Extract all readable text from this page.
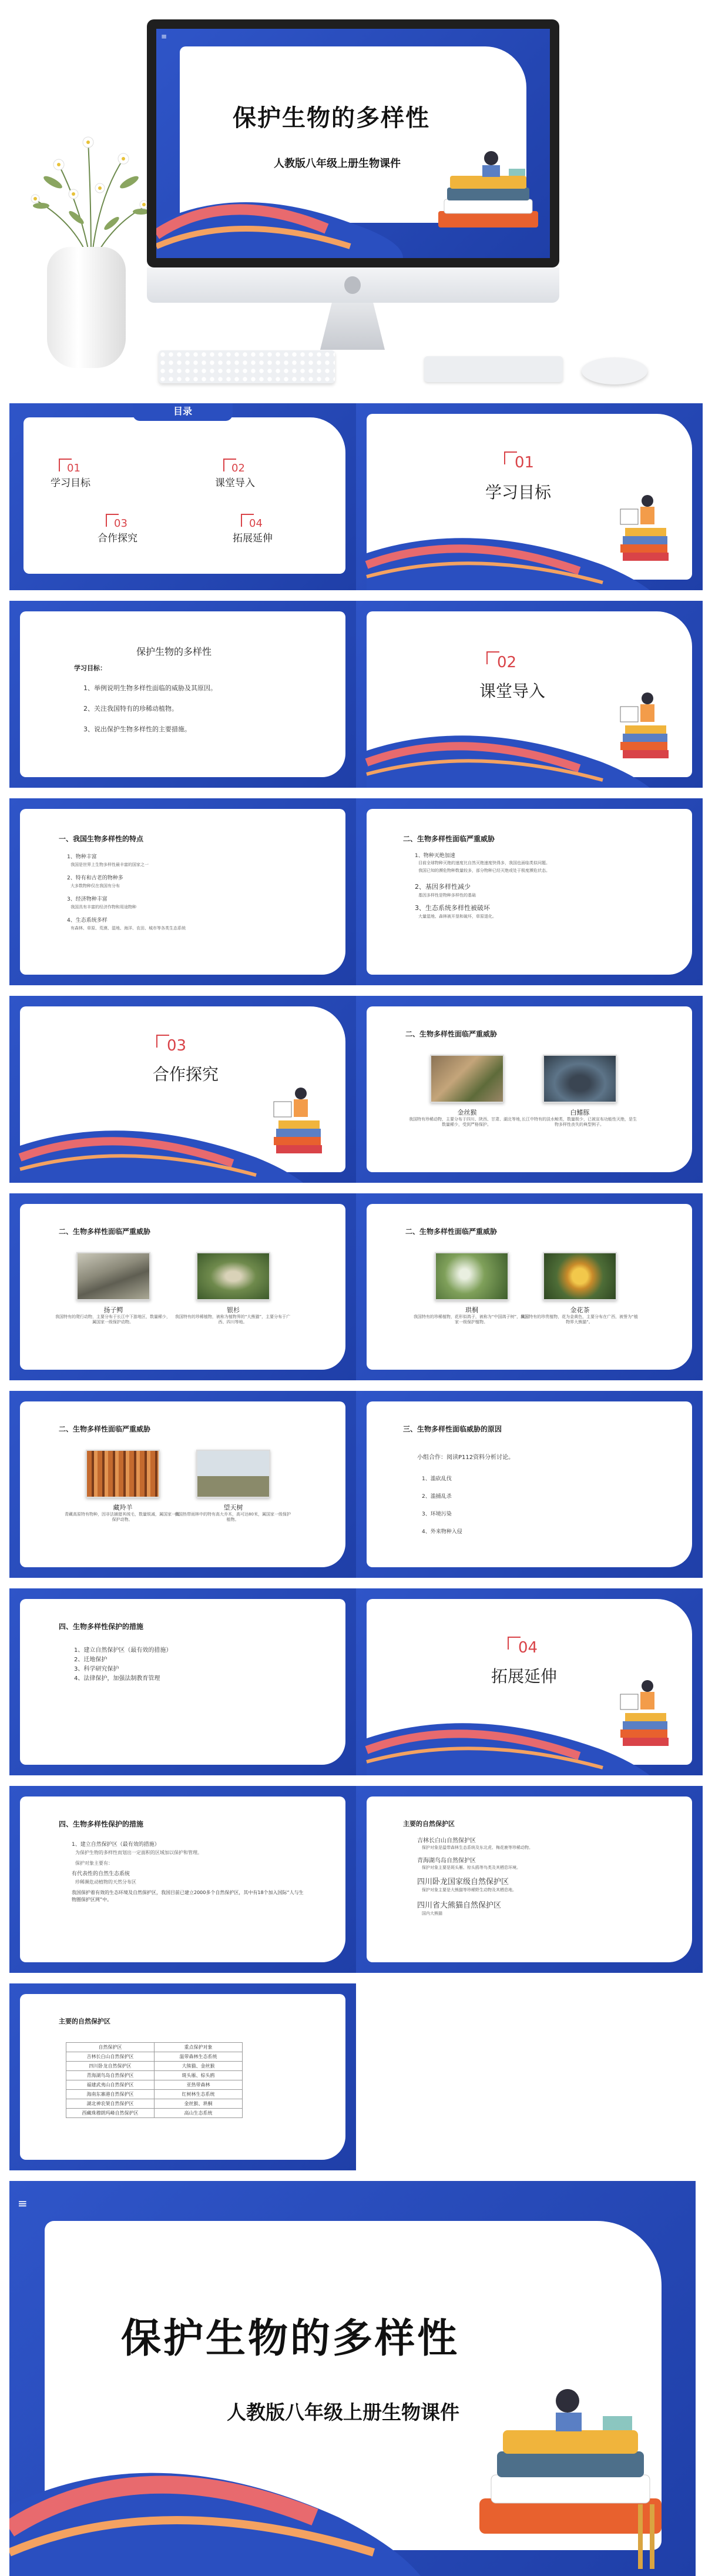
≡
保护生物的多样性
人教版八年级上册生物课件
目录
01
学习目标
02
课堂导入
03
合作探究
04
拓展延伸
01
学习目标
保护生物的多样性
学习目标：
1、举例说明生物多样性面临的威胁及其原因。
2、关注我国特有的珍稀动植物。
3、说出保护生物多样性的主要措施。
02
课堂导入
一、我国生物多样性的特点
1、物种丰富
我国是世界上生物多样性最丰富的国家之一
2、特有和古老的物种多
大多数物种仅在我国有分布
3、经济物种丰富
我国具有丰富的经济作物和用途物种
4、生态系统多样
有森林、草原、荒漠、湿地、海洋、农田、城市等各类生态系统
二、生物多样性面临严重威胁
1、物种灭绝加速
目前全球物种灭绝的速度比自然灭绝速度快得多，我国也面临类似问题。
我国已知的濒危物种数量较多，部分物种已经灭绝或处于极度濒危状态。
2、基因多样性减少
基因多样性是物种多样性的基础
3、生态系统多样性被破坏
大量湿地、森林被开垦和破坏，草原退化。
03
合作探究
二、生物多样性面临严重威胁
金丝猴
我国特有珍稀动物，主要分布于四川、陕西、甘肃、湖北等地，数量稀少，受到严格保护。
白鳍豚
长江中特有的淡水鲸类，数量极少，已被宣布功能性灭绝，是生物多样性丧失的典型例子。
二、生物多样性面临严重威胁
扬子鳄
我国特有的爬行动物，主要分布于长江中下游地区，数量稀少，属国家一级保护动物。
银杉
我国特有的珍稀植物，被称为植物界的“大熊猫”，主要分布于广西、四川等地。
二、生物多样性面临严重威胁
珙桐
我国特有的珍稀植物，花形似鸽子，被称为“中国鸽子树”，属国家一级保护植物。
金花茶
我国特有的珍贵植物，花为金黄色，主要分布在广西，被誉为“植物界大熊猫”。
二、生物多样性面临严重威胁
藏羚羊
青藏高原特有物种，因非法捕猎其绒毛，数量锐减，属国家一级保护动物。
望天树
我国热带雨林中的特有高大乔木，高可达80米，属国家一级保护植物。
三、生物多样性面临威胁的原因
小组合作：阅读P112资料分析讨论。
1、滥砍乱伐
2、滥捕乱杀
3、环境污染
4、外来物种入侵
四、生物多样性保护的措施
1、建立自然保护区（最有效的措施）
2、迁地保护
3、科学研究保护
4、法律保护，加强法制教育管理
04
拓展延伸
四、生物多样性保护的措施
1、建立自然保护区（最有效的措施）
为保护生物的多样性而划出一定面积的区域加以保护和管理。
保护对象主要有：
有代表性的自然生态系统
珍稀濒危动植物的天然分布区
我国保护着有效的生态环境及自然保护区，我国目前已建立2000多个自然保护区，其中有18个加入国际“人与生物圈保护区网”中。
主要的自然保护区
吉林长白山自然保护区
保护对象是温带森林生态系统及东北虎、梅花鹿等珍稀动物。
青海湖鸟岛自然保护区
保护对象主要是斑头雁、棕头鸥等鸟类及其栖息环境。
四川卧龙国家级自然保护区
保护对象主要是大熊猫等珍稀野生动物及其栖息地。
四川省大熊猫自然保护区
国内大熊猫
主要的自然保护区
自然保护区	重点保护对象
吉林长白山自然保护区	温带森林生态系统
四川卧龙自然保护区	大熊猫、金丝猴
青海湖鸟岛自然保护区	斑头雁、棕头鸥
福建武夷山自然保护区	亚热带森林
海南东寨港自然保护区	红树林生态系统
湖北神农架自然保护区	金丝猴、珙桐
西藏珠穆朗玛峰自然保护区	高山生态系统
≡
保护生物的多样性
人教版八年级上册生物课件
